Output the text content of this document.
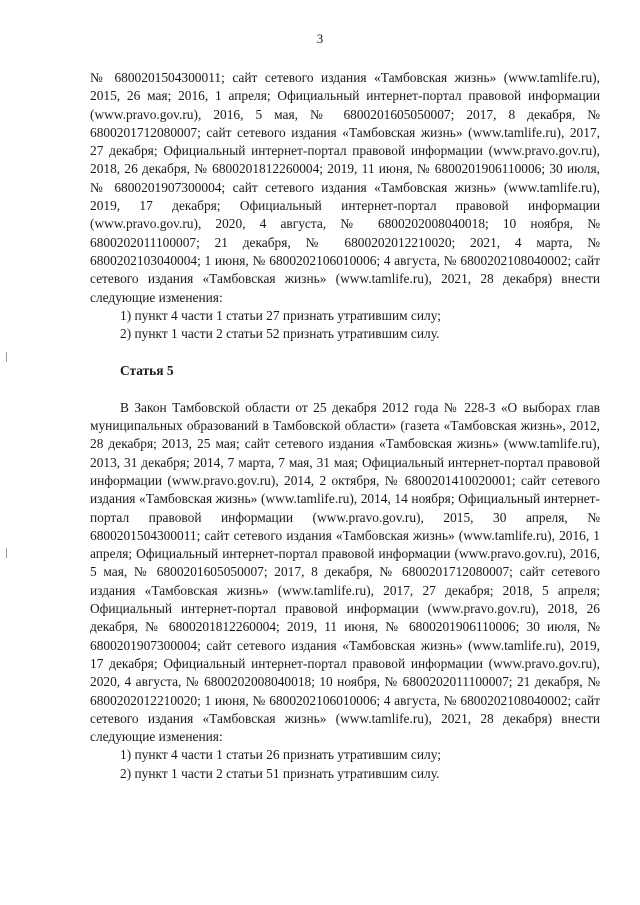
3

№ 6800201504300011; сайт сетевого издания «Тамбовская жизнь» (www.tamlife.ru), 2015, 26 мая; 2016, 1 апреля; Официальный интернет-портал правовой информации (www.pravo.gov.ru), 2016, 5 мая, № 6800201605050007; 2017, 8 декабря, № 6800201712080007; сайт сетевого издания «Тамбовская жизнь» (www.tamlife.ru), 2017, 27 декабря; Официальный интернет-портал правовой информации (www.pravo.gov.ru), 2018, 26 декабря, № 6800201812260004; 2019, 11 июня, № 6800201906110006; 30 июля, № 6800201907300004; сайт сетевого издания «Тамбовская жизнь» (www.tamlife.ru), 2019, 17 декабря; Официальный интернет-портал правовой информации (www.pravo.gov.ru), 2020, 4 августа, № 6800202008040018; 10 ноября, № 6800202011100007; 21 декабря, № 6800202012210020; 2021, 4 марта, № 6800202103040004; 1 июня, № 6800202106010006; 4 августа, № 6800202108040002; сайт сетевого издания «Тамбовская жизнь» (www.tamlife.ru), 2021, 28 декабря) внести следующие изменения:

1) пункт 4 части 1 статьи 27 признать утратившим силу;

2) пункт 1 части 2 статьи 52 признать утратившим силу.

Статья 5

В Закон Тамбовской области от 25 декабря 2012 года № 228-З «О выборах глав муниципальных образований в Тамбовской области» (газета «Тамбовская жизнь», 2012, 28 декабря; 2013, 25 мая; сайт сетевого издания «Тамбовская жизнь» (www.tamlife.ru), 2013, 31 декабря; 2014, 7 марта, 7 мая, 31 мая; Официальный интернет-портал правовой информации (www.pravo.gov.ru), 2014, 2 октября, № 6800201410020001; сайт сетевого издания «Тамбовская жизнь» (www.tamlife.ru), 2014, 14 ноября; Официальный интернет-портал правовой информации (www.pravo.gov.ru), 2015, 30 апреля, № 6800201504300011; сайт сетевого издания «Тамбовская жизнь» (www.tamlife.ru), 2016, 1 апреля; Официальный интернет-портал правовой информации (www.pravo.gov.ru), 2016, 5 мая, № 6800201605050007; 2017, 8 декабря, № 6800201712080007; сайт сетевого издания «Тамбовская жизнь» (www.tamlife.ru), 2017, 27 декабря; 2018, 5 апреля; Официальный интернет-портал правовой информации (www.pravo.gov.ru), 2018, 26 декабря, № 6800201812260004; 2019, 11 июня, № 6800201906110006; 30 июля, № 6800201907300004; сайт сетевого издания «Тамбовская жизнь» (www.tamlife.ru), 2019, 17 декабря; Официальный интернет-портал правовой информации (www.pravo.gov.ru), 2020, 4 августа, № 6800202008040018; 10 ноября, № 6800202011100007; 21 декабря, № 6800202012210020; 1 июня, № 6800202106010006; 4 августа, № 6800202108040002; сайт сетевого издания «Тамбовская жизнь» (www.tamlife.ru), 2021, 28 декабря) внести следующие изменения:

1) пункт 4 части 1 статьи 26 признать утратившим силу;

2) пункт 1 части 2 статьи 51 признать утратившим силу.
